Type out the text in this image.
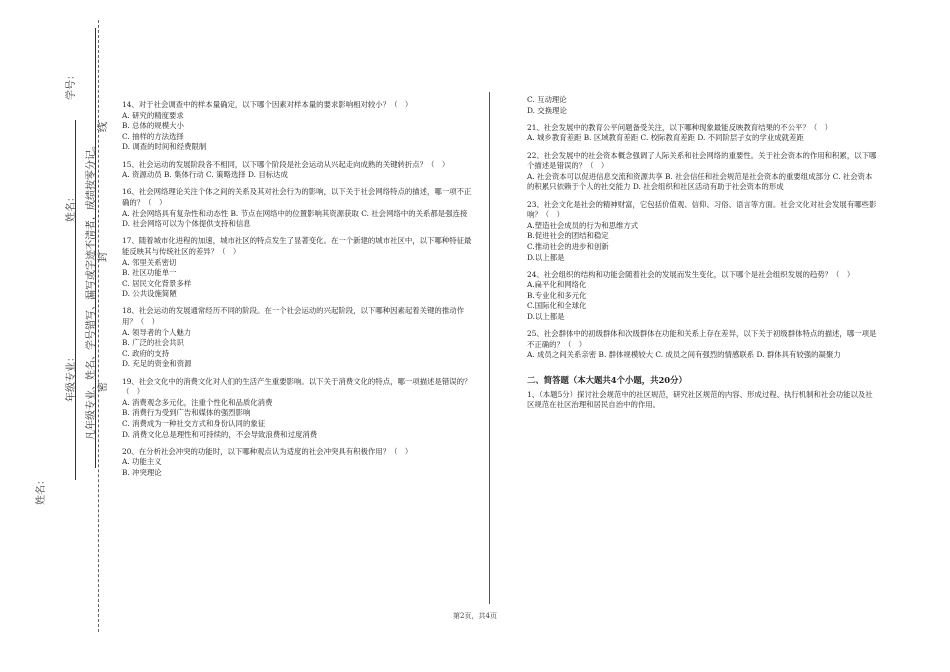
姓名：
年级专业：
姓名：
学号：
凡年级专业、姓名、学号错写、漏写或字迹不清者，成绩按零分记。 密
封
线
14、对于社会调查中的样本量确定，以下哪个因素对样本量的要求影响相对较小？（　）
A. 研究的精度要求
B. 总体的规模大小
C. 抽样的方法选择
D. 调查的时间和经费限制
15、社会运动的发展阶段各不相同，以下哪个阶段是社会运动从兴起走向成熟的关键转折点？（　）
A. 资源动员 B. 集体行动 C. 策略选择 D. 目标达成
16、社会网络理论关注个体之间的关系及其对社会行为的影响，以下关于社会网络特点的描述，哪一项不正确的？（　）
A. 社会网络具有复杂性和动态性 B. 节点在网络中的位置影响其资源获取 C. 社会网络中的关系都是强连接 D. 社会网络可以为个体提供支持和信息
17、随着城市化进程的加速，城市社区的特点发生了显著变化。在一个新建的城市社区中，以下哪种特征最能反映其与传统社区的差异？（　）
A. 邻里关系密切
B. 社区功能单一
C. 居民文化背景多样
D. 公共设施简陋
18、社会运动的发展通常经历不同的阶段。在一个社会运动的兴起阶段，以下哪种因素起着关键的推动作用？（　）
A. 领导者的个人魅力
B. 广泛的社会共识
C. 政府的支持
D. 充足的资金和资源
19、社会文化中的消费文化对人们的生活产生重要影响。以下关于消费文化的特点，哪一项描述是错误的？（　）
A. 消费观念多元化，注重个性化和品质化消费
B. 消费行为受到广告和媒体的强烈影响
C. 消费成为一种社交方式和身份认同的象征
D. 消费文化总是理性和可持续的，不会导致浪费和过度消费
20、在分析社会冲突的功能时，以下哪种观点认为适度的社会冲突具有积极作用？（　）
A. 功能主义
B. 冲突理论
C. 互动理论
D. 交换理论
21、社会发展中的教育公平问题备受关注，以下哪种现象最能反映教育结果的不公平？（　）
A. 城乡教育差距 B. 区域教育差距 C. 校际教育差距 D. 不同阶层子女的学业成就差距
22、社会发展中的社会资本概念强调了人际关系和社会网络的重要性。关于社会资本的作用和积累，以下哪个描述是错误的？（　）
A. 社会资本可以促进信息交流和资源共享 B. 社会信任和社会规范是社会资本的重要组成部分 C. 社会资本的积累只依赖于个人的社交能力 D. 社会组织和社区活动有助于社会资本的形成
23、社会文化是社会的精神财富，它包括价值观、信仰、习俗、语言等方面。社会文化对社会发展有哪些影响？（　）
A.塑造社会成员的行为和思维方式
B.促进社会的团结和稳定
C.推动社会的进步和创新
D.以上都是
24、社会组织的结构和功能会随着社会的发展而发生变化，以下哪个是社会组织发展的趋势？（　）
A.扁平化和网络化
B.专业化和多元化
C.国际化和全球化
D.以上都是
25、社会群体中的初级群体和次级群体在功能和关系上存在差异，以下关于初级群体特点的描述，哪一项是不正确的？（　）
A. 成员之间关系亲密 B. 群体规模较大 C. 成员之间有强烈的情感联系 D. 群体具有较强的凝聚力
二、简答题（本大题共4个小题，共20分）
1、（本题5分）探讨社会规范中的社区规范，研究社区规范的内容、形成过程、执行机制和社会功能以及社区规范在社区治理和居民自治中的作用。
第2页，共4页
